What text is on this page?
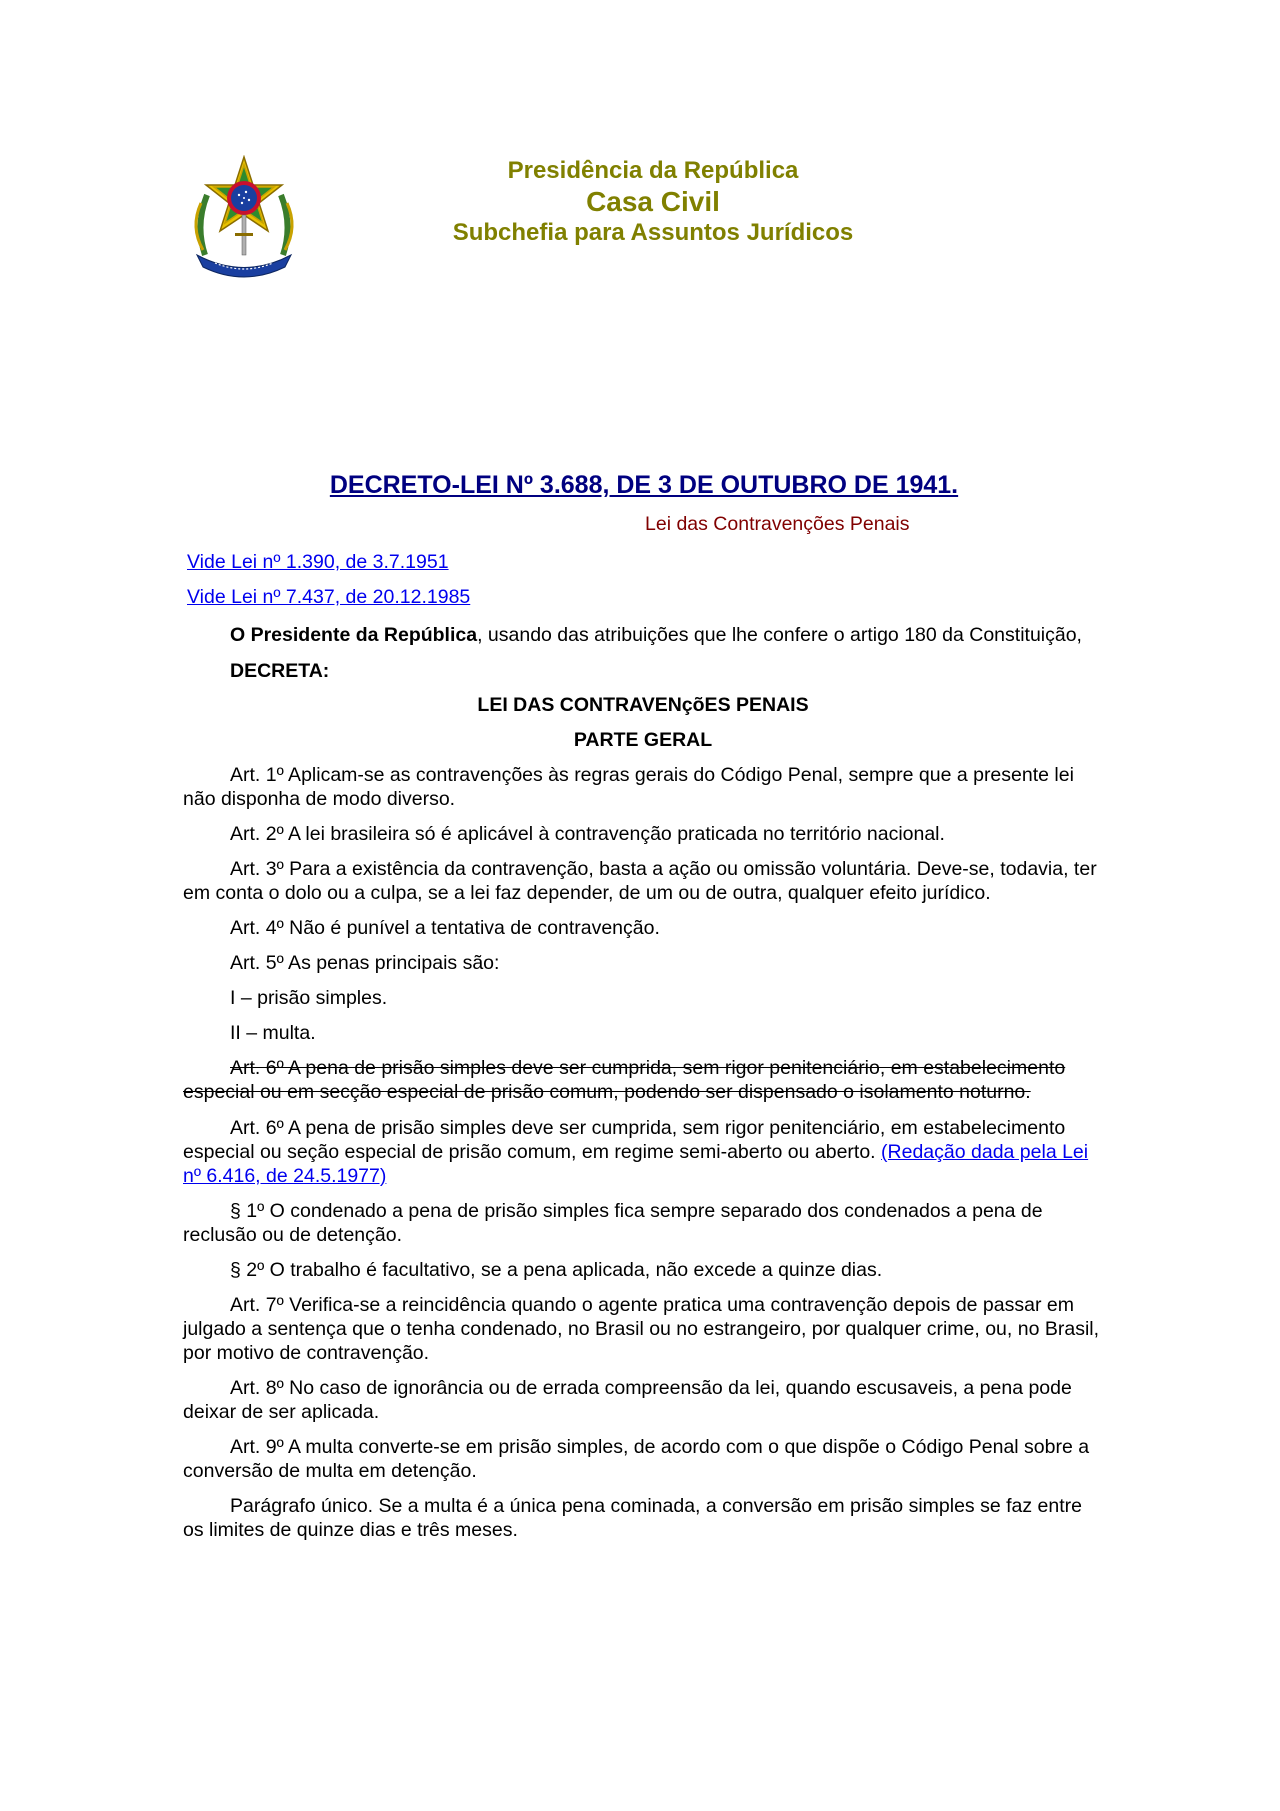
Presidência da República
Casa Civil
Subchefia para Assuntos Jurídicos
DECRETO-LEI Nº 3.688, DE 3 DE OUTUBRO DE 1941.
Lei das Contravenções Penais
Vide Lei nº 1.390, de 3.7.1951
Vide Lei nº 7.437, de 20.12.1985

O Presidente da República, usando das atribuições que lhe confere o artigo 180 da Constituição,

DECRETA:

LEI DAS CONTRAVENçõES PENAIS

PARTE GERAL

Art. 1º Aplicam-se as contravenções às regras gerais do Código Penal, sempre que a presente lei não disponha de modo diverso.

Art. 2º A lei brasileira só é aplicável à contravenção praticada no território nacional.

Art. 3º Para a existência da contravenção, basta a ação ou omissão voluntária. Deve-se, todavia, ter em conta o dolo ou a culpa, se a lei faz depender, de um ou de outra, qualquer efeito jurídico.

Art. 4º Não é punível a tentativa de contravenção.

Art. 5º As penas principais são:

I – prisão simples.

II – multa.

Art. 6º A pena de prisão simples deve ser cumprida, sem rigor penitenciário, em estabelecimento especial ou em secção especial de prisão comum, podendo ser dispensado o isolamento noturno.

Art. 6º A pena de prisão simples deve ser cumprida, sem rigor penitenciário, em estabelecimento especial ou seção especial de prisão comum, em regime semi-aberto ou aberto. (Redação dada pela Lei nº 6.416, de 24.5.1977)

§ 1º O condenado a pena de prisão simples fica sempre separado dos condenados a pena de reclusão ou de detenção.

§ 2º O trabalho é facultativo, se a pena aplicada, não excede a quinze dias.

Art. 7º Verifica-se a reincidência quando o agente pratica uma contravenção depois de passar em julgado a sentença que o tenha condenado, no Brasil ou no estrangeiro, por qualquer crime, ou, no Brasil, por motivo de contravenção.

Art. 8º No caso de ignorância ou de errada compreensão da lei, quando escusaveis, a pena pode deixar de ser aplicada.

Art. 9º A multa converte-se em prisão simples, de acordo com o que dispõe o Código Penal sobre a conversão de multa em detenção.

Parágrafo único. Se a multa é a única pena cominada, a conversão em prisão simples se faz entre os limites de quinze dias e três meses.
